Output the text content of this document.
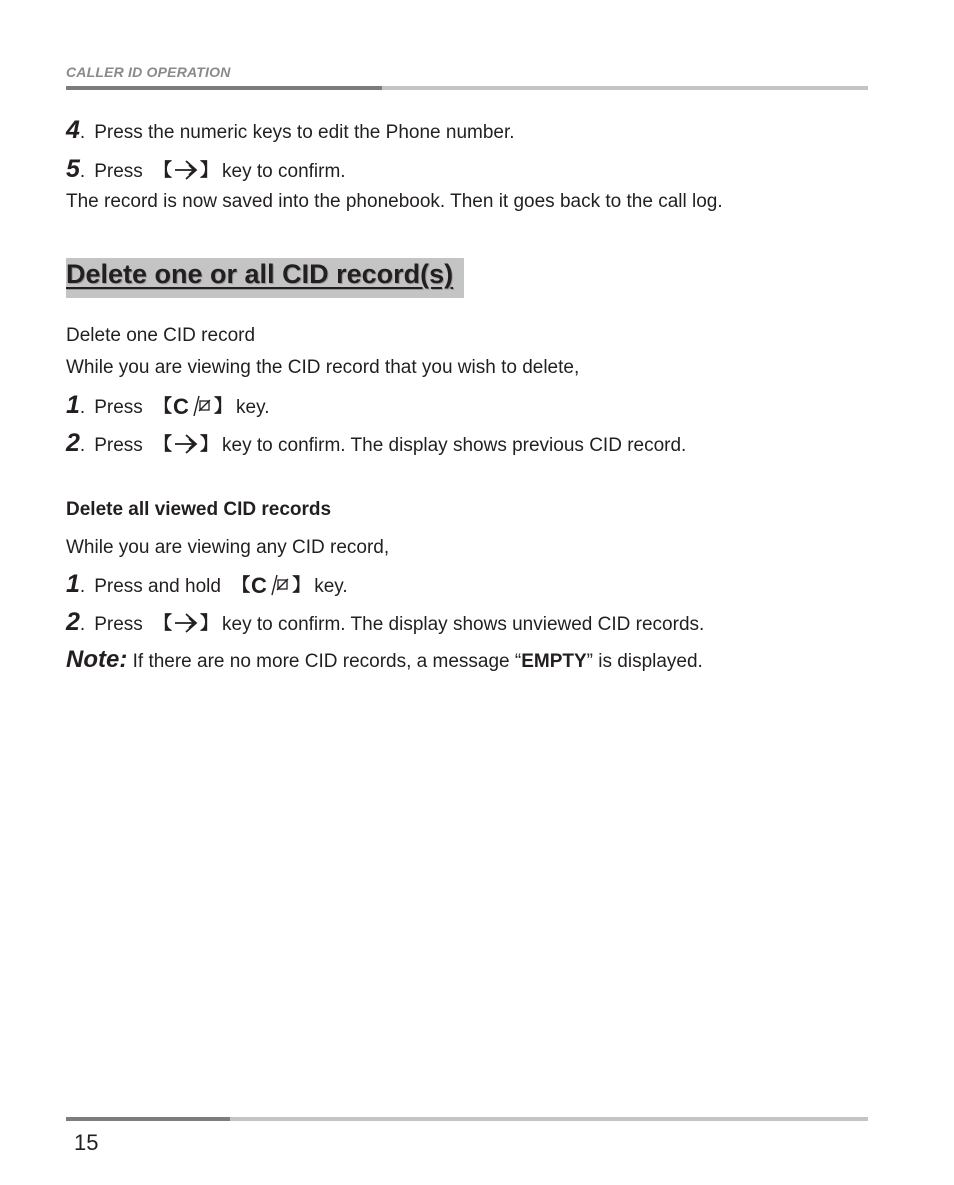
CALLER ID OPERATION
4. Press the numeric keys to edit the Phone number.
5. Press 【 】 key to confirm.
The record is now saved into the phonebook. Then it goes back to the call log.
Delete one or all CID record(s)
Delete one CID record
While you are viewing the CID record that you wish to delete,
1. Press 【 C 】 key.
2. Press 【 】 key to confirm. The display shows previous CID record.
Delete all viewed CID records
While you are viewing any CID record,
1. Press and hold 【 C 】 key.
2. Press 【 】 key to confirm. The display shows unviewed CID records.
Note: If there are no more CID records, a message “EMPTY” is displayed.
15
